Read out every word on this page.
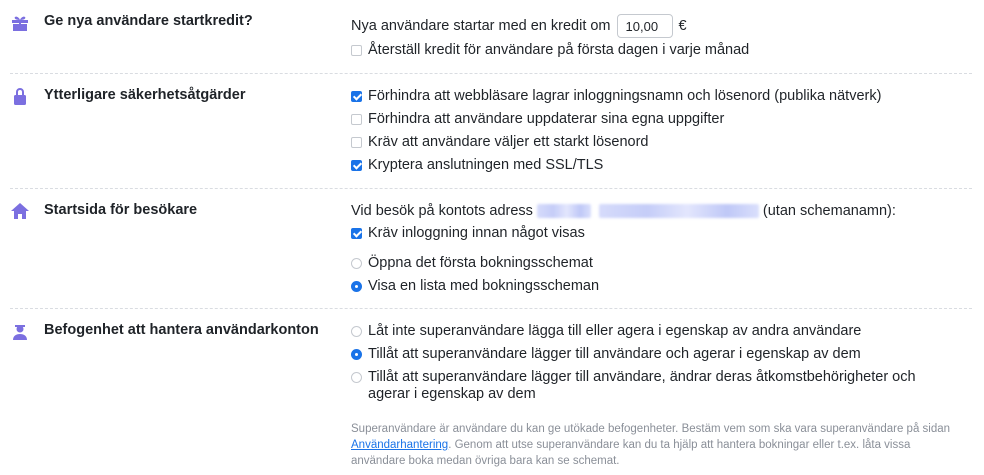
Ge nya användare startkredit?	Nya användare startar med en kredit om
10,00	€
Återställ kredit för användare på första dagen i varje månad
Ytterligare säkerhetsåtgärder	Förhindra att webbläsare lagrar inloggningsnamn och lösenord (publika nätverk)
Förhindra att användare uppdaterar sina egna uppgifter
Kräv att användare väljer ett starkt lösenord
Kryptera anslutningen med SSL/TLS
Startsida för besökare	Vid besök på kontots adress	(utan schemanamn):
Kräv inloggning innan något visas
Öppna det första bokningsschemat
Visa en lista med bokningsscheman
Befogenhet att hantera användarkonton	Låt inte superanvändare lägga till eller agera i egenskap av andra användare
Tillåt att superanvändare lägger till användare och agerar i egenskap av dem
Tillåt att superanvändare lägger till användare, ändrar deras åtkomstbehörigheter och agerar i egenskap av dem
Superanvändare är användare du kan ge utökade befogenheter. Bestäm vem som ska vara superanvändare på sidan Användarhantering. Genom att utse superanvändare kan du ta hjälp att hantera bokningar eller t.ex. låta vissa användare boka medan övriga bara kan se schemat.
